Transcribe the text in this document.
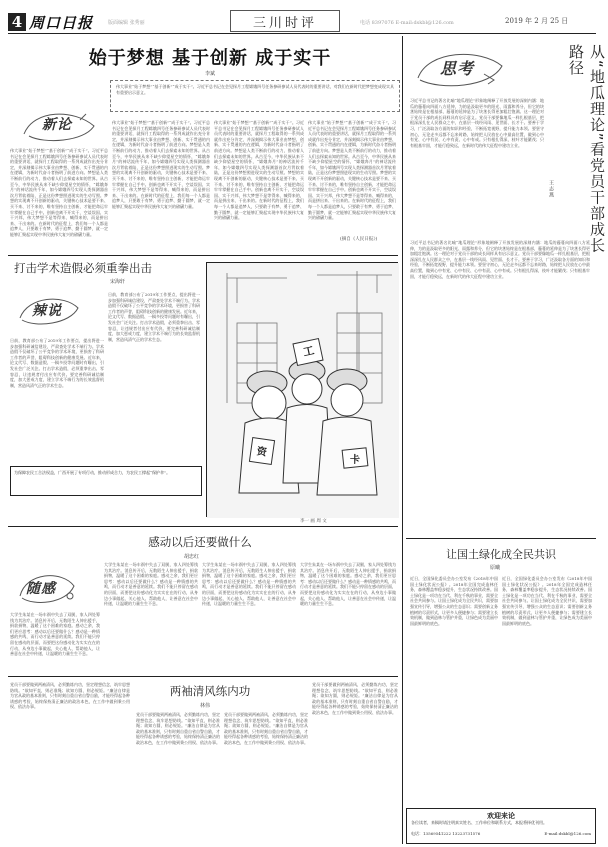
4 周口日报	版面编辑 张秀丽	三川时评	电话 8397076 E-mail:dskbl@126.com	2019 年 2 月 25 日
始于梦想 基于创新 成于实干
李斌
伟大事业“始于梦想”“基于创新”“成于实干”。习近平总书记在会见探月工程嫦娥四号任务参研参试人员代表时的重要讲话，对我们在新时代把梦想变成现实具有重要启示意义。
新论
伟大事业“始于梦想”“基于创新”“成于实干”。习近平总书记在会见探月工程嫦娥四号任务参研参试人员代表时的重要讲话，就探月工程取得的一系列成就作出充分肯定，并深刻揭示伟大事业由梦想、创新、实干贯通的内在逻辑，为新时代奋斗者指明了前进方向。梦想是人类不断前行的动力，推动着人们去探索未知的世界。从古至今，中华民族从来不缺少仰望星空的情怀，“嫦娥奔月”的神话流传千年，如今嫦娥四号实现人类探测器首次月背软着陆，正是这份梦想照进现实的生动写照。梦想的实现离不开创新的驱动，关键核心技术是要不来、买不来、讨不来的，唯有坚持自主创新，才能把命运牢牢掌握在自己手中。创新也离不开实干，空谈误国、实干兴邦，伟大梦想不是等得来、喊得来的，而是拼出来、干出来的。在新时代的征程上，我们每一个人都是追梦人，只要敢于有梦、勇于追梦、勤于圆梦，就一定能够汇聚起实现中华民族伟大复兴的磅礴力量。
伟大事业“始于梦想”“基于创新”“成于实干”。习近平总书记在会见探月工程嫦娥四号任务参研参试人员代表时的重要讲话，就探月工程取得的一系列成就作出充分肯定，并深刻揭示伟大事业由梦想、创新、实干贯通的内在逻辑，为新时代奋斗者指明了前进方向。梦想是人类不断前行的动力，推动着人们去探索未知的世界。从古至今，中华民族从来不缺少仰望星空的情怀，“嫦娥奔月”的神话流传千年，如今嫦娥四号实现人类探测器首次月背软着陆，正是这份梦想照进现实的生动写照。梦想的实现离不开创新的驱动，关键核心技术是要不来、买不来、讨不来的，唯有坚持自主创新，才能把命运牢牢掌握在自己手中。创新也离不开实干，空谈误国、实干兴邦，伟大梦想不是等得来、喊得来的，而是拼出来、干出来的。在新时代的征程上，我们每一个人都是追梦人，只要敢于有梦、勇于追梦、勤于圆梦，就一定能够汇聚起实现中华民族伟大复兴的磅礴力量。
伟大事业“始于梦想”“基于创新”“成于实干”。习近平总书记在会见探月工程嫦娥四号任务参研参试人员代表时的重要讲话，就探月工程取得的一系列成就作出充分肯定，并深刻揭示伟大事业由梦想、创新、实干贯通的内在逻辑，为新时代奋斗者指明了前进方向。梦想是人类不断前行的动力，推动着人们去探索未知的世界。从古至今，中华民族从来不缺少仰望星空的情怀，“嫦娥奔月”的神话流传千年，如今嫦娥四号实现人类探测器首次月背软着陆，正是这份梦想照进现实的生动写照。梦想的实现离不开创新的驱动，关键核心技术是要不来、买不来、讨不来的，唯有坚持自主创新，才能把命运牢牢掌握在自己手中。创新也离不开实干，空谈误国、实干兴邦，伟大梦想不是等得来、喊得来的，而是拼出来、干出来的。在新时代的征程上，我们每一个人都是追梦人，只要敢于有梦、勇于追梦、勤于圆梦，就一定能够汇聚起实现中华民族伟大复兴的磅礴力量。
伟大事业“始于梦想”“基于创新”“成于实干”。习近平总书记在会见探月工程嫦娥四号任务参研参试人员代表时的重要讲话，就探月工程取得的一系列成就作出充分肯定，并深刻揭示伟大事业由梦想、创新、实干贯通的内在逻辑，为新时代奋斗者指明了前进方向。梦想是人类不断前行的动力，推动着人们去探索未知的世界。从古至今，中华民族从来不缺少仰望星空的情怀，“嫦娥奔月”的神话流传千年，如今嫦娥四号实现人类探测器首次月背软着陆，正是这份梦想照进现实的生动写照。梦想的实现离不开创新的驱动，关键核心技术是要不来、买不来、讨不来的，唯有坚持自主创新，才能把命运牢牢掌握在自己手中。创新也离不开实干，空谈误国、实干兴邦，伟大梦想不是等得来、喊得来的，而是拼出来、干出来的。在新时代的征程上，我们每一个人都是追梦人，只要敢于有梦、勇于追梦、勤于圆梦，就一定能够汇聚起实现中华民族伟大复兴的磅礴力量。
(摘自《人民日报》)
打击学术造假必须重拳出击
宋海轩
辣说
日前，教育部公布了2019年工作要点，提出将进一步加强科研诚信建设，严肃查处学术不端行为。学术造假不仅破坏了公平竞争的学术环境，更损害了科研工作者的声誉，阻碍科技创新的健康发展。近年来，论文代写、数据造假、一稿多投等问题时有曝出，引发社会广泛关注。打击学术造假，必须重拳出击、零容忍，让违规者付出应有代价。要完善科研诚信制度，加大惩戒力度，建立学术不端行为的长效监督机制，营造风清气正的学术生态。
日前，教育部公布了2019年工作要点，提出将进一步加强科研诚信建设，严肃查处学术不端行为。学术造假不仅破坏了公平竞争的学术环境，更损害了科研工作者的声誉，阻碍科技创新的健康发展。近年来，论文代写、数据造假、一稿多投等问题时有曝出，引发社会广泛关注。打击学术造假，必须重拳出击、零容忍，让违规者付出应有代价。要完善科研诚信制度，加大惩戒力度，建立学术不端行为的长效监督机制，营造风清气正的学术生态。
为保障农民工合法权益，广西开展了专项行动，推动形成合力，为农民工撑起“保护伞”。
工
资
卡
李一 画 周 文
感动以后还要做什么
胡忠红
随感
大学生朱某在一场车祸中失去了双腿，家人四处筹钱为其治疗。消息传开后，无数陌生人伸出援手，捐款捐物，温暖了这个困难的家庭。感动之余，我们更应思考：感动以后还要做什么？感动是一种情感的共鸣，而行动才是善意的延续。我们不能只停留在感动的层面，而要把这份感动化为实实在在的行动，从身边小事做起，关心他人、帮助他人，让善意在社会中传递，让温暖的力量生生不息。
大学生朱某在一场车祸中失去了双腿，家人四处筹钱为其治疗。消息传开后，无数陌生人伸出援手，捐款捐物，温暖了这个困难的家庭。感动之余，我们更应思考：感动以后还要做什么？感动是一种情感的共鸣，而行动才是善意的延续。我们不能只停留在感动的层面，而要把这份感动化为实实在在的行动，从身边小事做起，关心他人、帮助他人，让善意在社会中传递，让温暖的力量生生不息。
大学生朱某在一场车祸中失去了双腿，家人四处筹钱为其治疗。消息传开后，无数陌生人伸出援手，捐款捐物，温暖了这个困难的家庭。感动之余，我们更应思考：感动以后还要做什么？感动是一种情感的共鸣，而行动才是善意的延续。我们不能只停留在感动的层面，而要把这份感动化为实实在在的行动，从身边小事做起，关心他人、帮助他人，让善意在社会中传递，让温暖的力量生生不息。
大学生朱某在一场车祸中失去了双腿，家人四处筹钱为其治疗。消息传开后，无数陌生人伸出援手，捐款捐物，温暖了这个困难的家庭。感动之余，我们更应思考：感动以后还要做什么？感动是一种情感的共鸣，而行动才是善意的延续。我们不能只停留在感动的层面，而要把这份感动化为实实在在的行动，从身边小事做起，关心他人、帮助他人，让善意在社会中传递，让温暖的力量生生不息。
党员干部要做到两袖清风，必须勤练内功，坚定理想信念，筑牢思想防线。“欲知平直，则必准绳；欲知方圆，则必规矩。”廉洁自律是为官从政的基本准则，只有时刻自重自省自警自励，才能经得起各种诱惑的考验，始终保持清正廉洁的政治本色，在工作中做到秉公用权、依法办事。
两袖清风练内功
林伟
党员干部要做到两袖清风，必须勤练内功，坚定理想信念，筑牢思想防线。“欲知平直，则必准绳；欲知方圆，则必规矩。”廉洁自律是为官从政的基本准则，只有时刻自重自省自警自励，才能经得起各种诱惑的考验，始终保持清正廉洁的政治本色，在工作中做到秉公用权、依法办事。
党员干部要做到两袖清风，必须勤练内功，坚定理想信念，筑牢思想防线。“欲知平直，则必准绳；欲知方圆，则必规矩。”廉洁自律是为官从政的基本准则，只有时刻自重自省自警自励，才能经得起各种诱惑的考验，始终保持清正廉洁的政治本色，在工作中做到秉公用权、依法办事。
党员干部要做到两袖清风，必须勤练内功，坚定理想信念，筑牢思想防线。“欲知平直，则必准绳；欲知方圆，则必规矩。”廉洁自律是为官从政的基本准则，只有时刻自重自省自警自励，才能经得起各种诱惑的考验，始终保持清正廉洁的政治本色，在工作中做到秉公用权、依法办事。
思考	从“地瓜理论”看党员干部成长路径
王志燕
习近平总书记的著名比喻“地瓜理论”形象地阐释了开放发展的深刻内涵：地瓜的藤蔓向四面八方延伸，为的是汲取更多的阳光、雨露和养分，但它的块茎始终是在根基部，藤蔓的延伸是为了块茎长得更加粗壮饱满。这一理论对于党员干部的成长同样具有启示意义。党员干部要像地瓜一样扎根基层，把根深深扎在人民群众之中，在基层一线经风雨、见世面、长才干。要善于学习，广泛汲取各方面的知识和经验，不断拓宽视野，提升能力本领。要坚守初心，无论走多远都不忘来时路，始终把人民放在心中最高位置，做到心中有党、心中有民、心中有责、心中有戒。只有根扎得深，枝叶才能繁茂；只有根基牢固，才能行稳致远，在新时代的伟大征程中建功立业。
习近平总书记的著名比喻“地瓜理论”形象地阐释了开放发展的深刻内涵：地瓜的藤蔓向四面八方延伸，为的是汲取更多的阳光、雨露和养分，但它的块茎始终是在根基部，藤蔓的延伸是为了块茎长得更加粗壮饱满。这一理论对于党员干部的成长同样具有启示意义。党员干部要像地瓜一样扎根基层，把根深深扎在人民群众之中，在基层一线经风雨、见世面、长才干。要善于学习，广泛汲取各方面的知识和经验，不断拓宽视野，提升能力本领。要坚守初心，无论走多远都不忘来时路，始终把人民放在心中最高位置，做到心中有党、心中有民、心中有责、心中有戒。只有根扎得深，枝叶才能繁茂；只有根基牢固，才能行稳致远，在新时代的伟大征程中建功立业。
让国土绿化成全民共识
原曦
近日，全国绿化委员会办公室发布《2018年中国国土绿化状况公报》。2018年全国完成造林任务，森林覆盖率稳步提升，生态状况持续改善。国土绿化是一项功在当代、利在千秋的事业，需要全社会共同参与。让国土绿化成为全民共识，需要加强宣传引导，增强公众的生态意识；需要创新义务植树的尽责形式，让更多人便捷参与；需要建立长效机制，做到造林与管护并重，让绿色成为美丽中国最鲜明的底色。
近日，全国绿化委员会办公室发布《2018年中国国土绿化状况公报》。2018年全国完成造林任务，森林覆盖率稳步提升，生态状况持续改善。国土绿化是一项功在当代、利在千秋的事业，需要全社会共同参与。让国土绿化成为全民共识，需要加强宣传引导，增强公众的生态意识；需要创新义务植树的尽责形式，让更多人便捷参与；需要建立长效机制，做到造林与管护并重，让绿色成为美丽中国最鲜明的底色。
欢迎来论
各位读者，来稿时请注明真实姓名、工作单位和联系方式，本报将择优刊用。
电话：13569541222 13223731576	E-mail:dskbl@126.com
